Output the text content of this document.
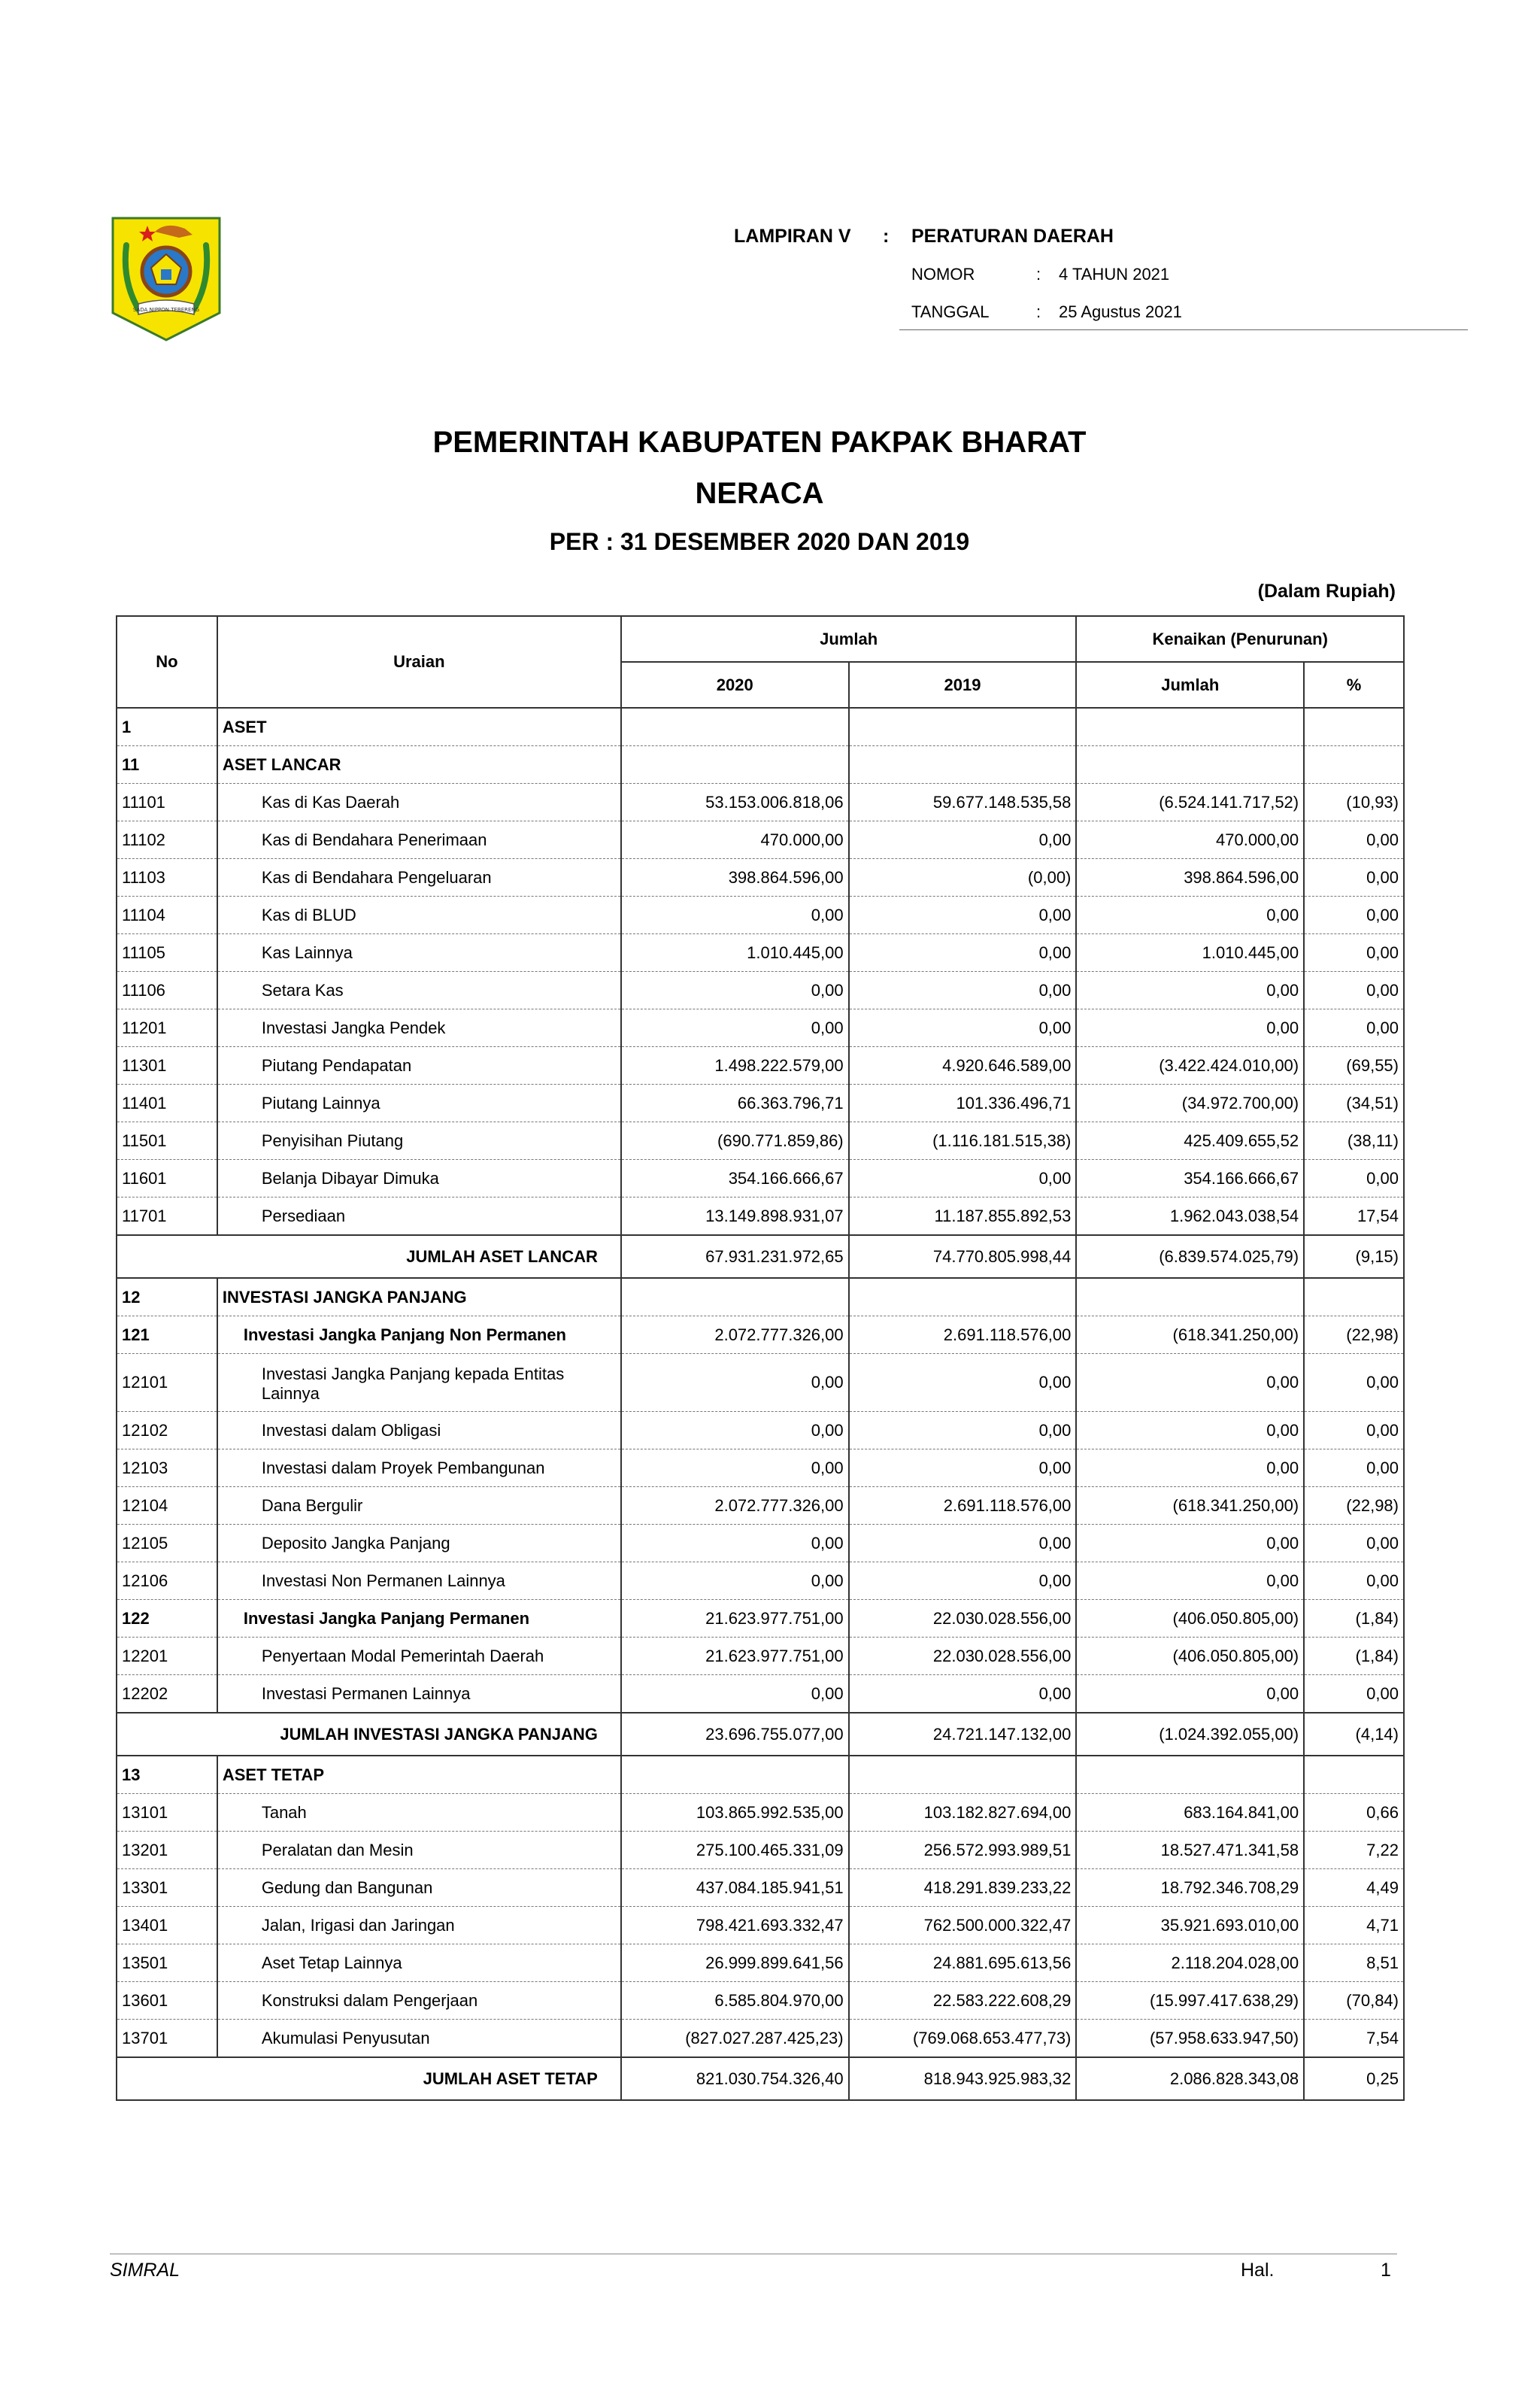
SADA NIPPON TEBERENG
LAMPIRAN V : PERATURAN DAERAH
NOMOR	: 4 TAHUN 2021
TANGGAL	: 25 Agustus 2021
PEMERINTAH KABUPATEN PAKPAK BHARAT
NERACA
PER : 31 DESEMBER 2020 DAN 2019
(Dalam Rupiah)
No	Uraian	Jumlah		Kenaikan (Penurunan)	
		2020	2019	Jumlah	%
1	ASET				
11	ASET LANCAR				
11101	Kas di Kas Daerah	53.153.006.818,06	59.677.148.535,58	(6.524.141.717,52)	(10,93)
11102	Kas di Bendahara Penerimaan	470.000,00	0,00	470.000,00	0,00
11103	Kas di Bendahara Pengeluaran	398.864.596,00	(0,00)	398.864.596,00	0,00
11104	Kas di BLUD	0,00	0,00	0,00	0,00
11105	Kas Lainnya	1.010.445,00	0,00	1.010.445,00	0,00
11106	Setara Kas	0,00	0,00	0,00	0,00
11201	Investasi Jangka Pendek	0,00	0,00	0,00	0,00
11301	Piutang Pendapatan	1.498.222.579,00	4.920.646.589,00	(3.422.424.010,00)	(69,55)
11401	Piutang Lainnya	66.363.796,71	101.336.496,71	(34.972.700,00)	(34,51)
11501	Penyisihan Piutang	(690.771.859,86)	(1.116.181.515,38)	425.409.655,52	(38,11)
11601	Belanja Dibayar Dimuka	354.166.666,67	0,00	354.166.666,67	0,00
11701	Persediaan	13.149.898.931,07	11.187.855.892,53	1.962.043.038,54	17,54
JUMLAH ASET LANCAR		67.931.231.972,65	74.770.805.998,44	(6.839.574.025,79)	(9,15)
12	INVESTASI JANGKA PANJANG				
121	Investasi Jangka Panjang Non Permanen	2.072.777.326,00	2.691.118.576,00	(618.341.250,00)	(22,98)
12101	Investasi Jangka Panjang kepada Entitas Lainnya	0,00	0,00	0,00	0,00
12102	Investasi dalam Obligasi	0,00	0,00	0,00	0,00
12103	Investasi dalam Proyek Pembangunan	0,00	0,00	0,00	0,00
12104	Dana Bergulir	2.072.777.326,00	2.691.118.576,00	(618.341.250,00)	(22,98)
12105	Deposito Jangka Panjang	0,00	0,00	0,00	0,00
12106	Investasi Non Permanen Lainnya	0,00	0,00	0,00	0,00
122	Investasi Jangka Panjang Permanen	21.623.977.751,00	22.030.028.556,00	(406.050.805,00)	(1,84)
12201	Penyertaan Modal Pemerintah Daerah	21.623.977.751,00	22.030.028.556,00	(406.050.805,00)	(1,84)
12202	Investasi Permanen Lainnya	0,00	0,00	0,00	0,00
JUMLAH INVESTASI JANGKA PANJANG		23.696.755.077,00	24.721.147.132,00	(1.024.392.055,00)	(4,14)
13	ASET TETAP				
13101	Tanah	103.865.992.535,00	103.182.827.694,00	683.164.841,00	0,66
13201	Peralatan dan Mesin	275.100.465.331,09	256.572.993.989,51	18.527.471.341,58	7,22
13301	Gedung dan Bangunan	437.084.185.941,51	418.291.839.233,22	18.792.346.708,29	4,49
13401	Jalan, Irigasi dan Jaringan	798.421.693.332,47	762.500.000.322,47	35.921.693.010,00	4,71
13501	Aset Tetap Lainnya	26.999.899.641,56	24.881.695.613,56	2.118.204.028,00	8,51
13601	Konstruksi dalam Pengerjaan	6.585.804.970,00	22.583.222.608,29	(15.997.417.638,29)	(70,84)
13701	Akumulasi Penyusutan	(827.027.287.425,23)	(769.068.653.477,73)	(57.958.633.947,50)	7,54
JUMLAH ASET TETAP		821.030.754.326,40	818.943.925.983,32	2.086.828.343,08	0,25
SIMRAL	Hal.	1
